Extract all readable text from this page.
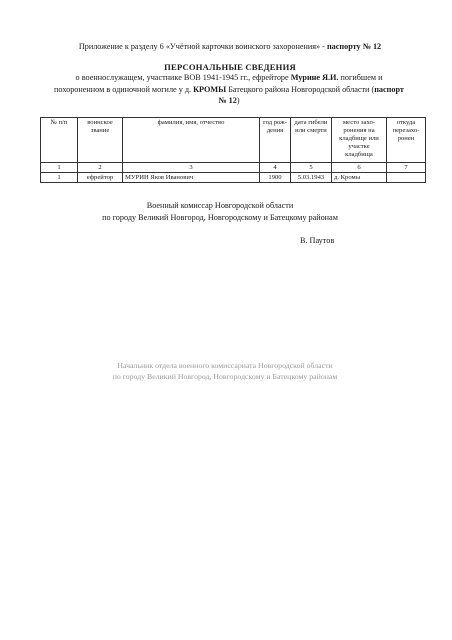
Приложение к разделу 6 «Учётной карточки воинского захоронения» - паспорту № 12
ПЕРСОНАЛЬНЫЕ СВЕДЕНИЯ
о военнослужащем, участнике ВОВ 1941-1945 гг., ефрейторе Мурине Я.И. погибшем и похороненном в одиночной могиле у д. КРОМЫ Батецкого района Новгородской области (паспорт № 12)
№ п/п	воинское звание	фамилия, имя, отчество	год рож-дения	дата гибели или смерти	место захо-ронения на кладбище или участке кладбища	откуда перезахо-ронен
1	2	3	4	5	6	7
1	ефрейтор	МУРИН Яков Иванович	1900	5.03.1943	д. Кромы	
Военный комиссар Новгородской области
по городу Великий Новгород, Новгородскому и Батецкому районам
В. Паутов
Начальник отдела военного комиссариата Новгородской области
по городу Великий Новгород, Новгородскому и Батецкому районам
